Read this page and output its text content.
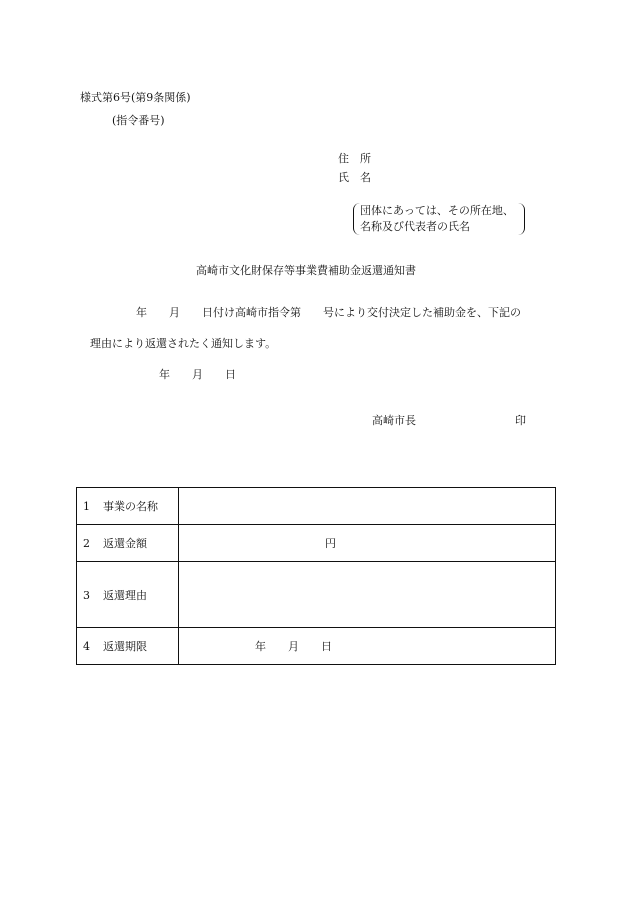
様式第6号(第9条関係)
(指令番号)
住　所
氏　名
団体にあっては、その所在地、
名称及び代表者の氏名
高崎市文化財保存等事業費補助金返還通知書
年　　月　　日付け高崎市指令第　　号により交付決定した補助金を、下記の
理由により返還されたく通知します。
年　　月　　日
高崎市長	印
1 事業の名称	
2 返還金額	円
3 返還理由	
4 返還期限	年　　月　　日
